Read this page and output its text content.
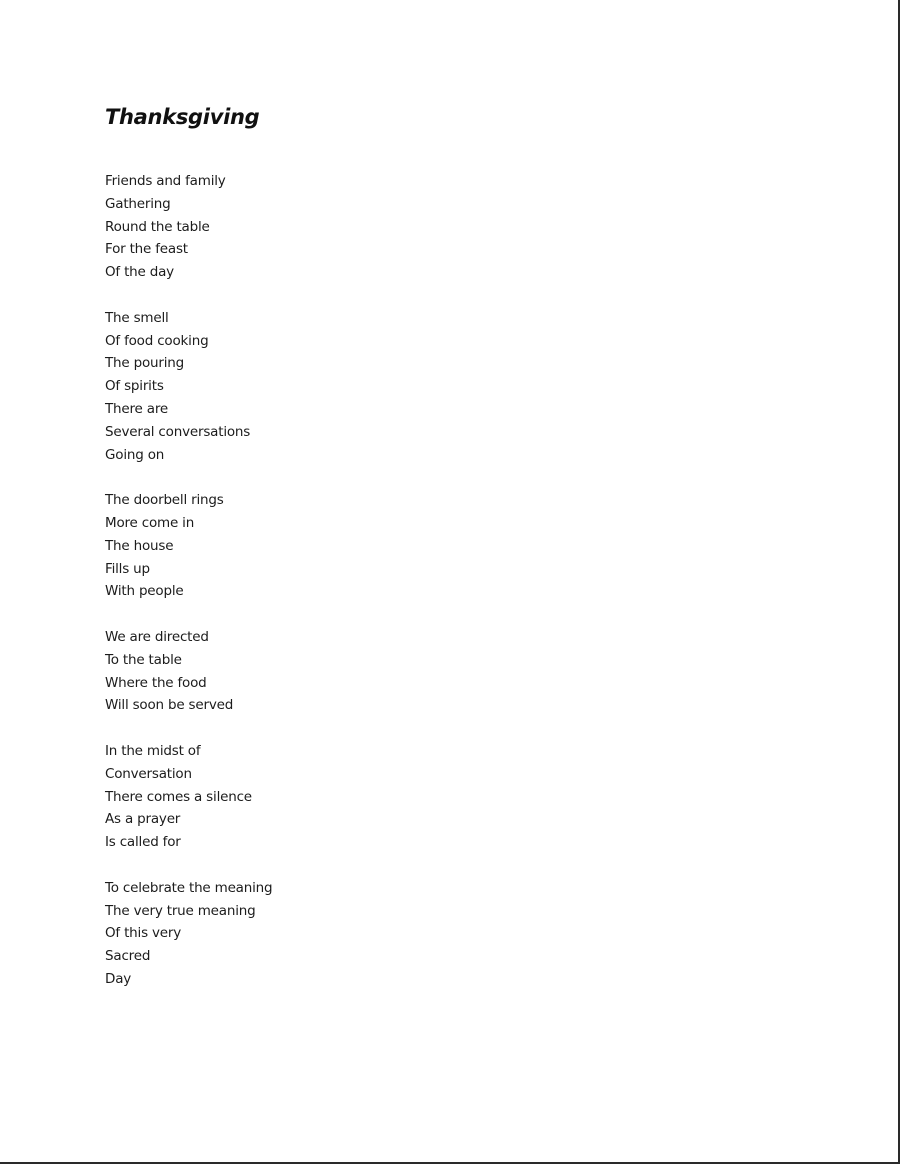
Thanksgiving
Friends and family
Gathering
Round the table
For the feast
Of the day
The smell
Of food cooking
The pouring
Of spirits
There are
Several conversations
Going on
The doorbell rings
More come in
The house
Fills up
With people
We are directed
To the table
Where the food
Will soon be served
In the midst of
Conversation
There comes a silence
As a prayer
Is called for
To celebrate the meaning
The very true meaning
Of this very
Sacred
Day
